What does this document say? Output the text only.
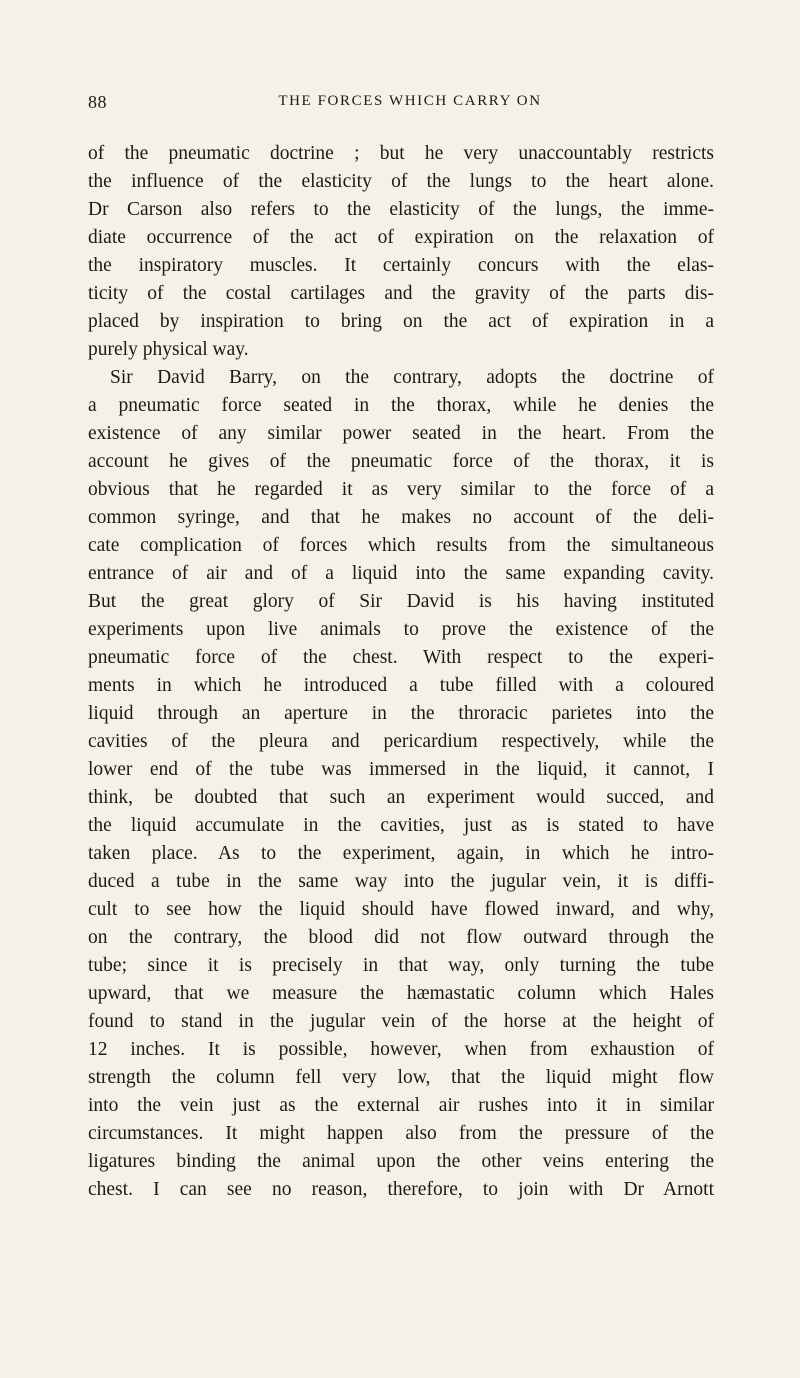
88	THE FORCES WHICH CARRY ON
of the pneumatic doctrine ; but he very unaccountably restricts
the influence of the elasticity of the lungs to the heart alone.
Dr Carson also refers to the elasticity of the lungs, the imme-
diate occurrence of the act of expiration on the relaxation of
the inspiratory muscles. It certainly concurs with the elas-
ticity of the costal cartilages and the gravity of the parts dis-
placed by inspiration to bring on the act of expiration in a
purely physical way.
Sir David Barry, on the contrary, adopts the doctrine of
a pneumatic force seated in the thorax, while he denies the
existence of any similar power seated in the heart. From the
account he gives of the pneumatic force of the thorax, it is
obvious that he regarded it as very similar to the force of a
common syringe, and that he makes no account of the deli-
cate complication of forces which results from the simultaneous
entrance of air and of a liquid into the same expanding cavity.
But the great glory of Sir David is his having instituted
experiments upon live animals to prove the existence of the
pneumatic force of the chest. With respect to the experi-
ments in which he introduced a tube filled with a coloured
liquid through an aperture in the throracic parietes into the
cavities of the pleura and pericardium respectively, while the
lower end of the tube was immersed in the liquid, it cannot, I
think, be doubted that such an experiment would succed, and
the liquid accumulate in the cavities, just as is stated to have
taken place. As to the experiment, again, in which he intro-
duced a tube in the same way into the jugular vein, it is diffi-
cult to see how the liquid should have flowed inward, and why,
on the contrary, the blood did not flow outward through the
tube; since it is precisely in that way, only turning the tube
upward, that we measure the hæmastatic column which Hales
found to stand in the jugular vein of the horse at the height of
12 inches. It is possible, however, when from exhaustion of
strength the column fell very low, that the liquid might flow
into the vein just as the external air rushes into it in similar
circumstances. It might happen also from the pressure of the
ligatures binding the animal upon the other veins entering the
chest. I can see no reason, therefore, to join with Dr Arnott
